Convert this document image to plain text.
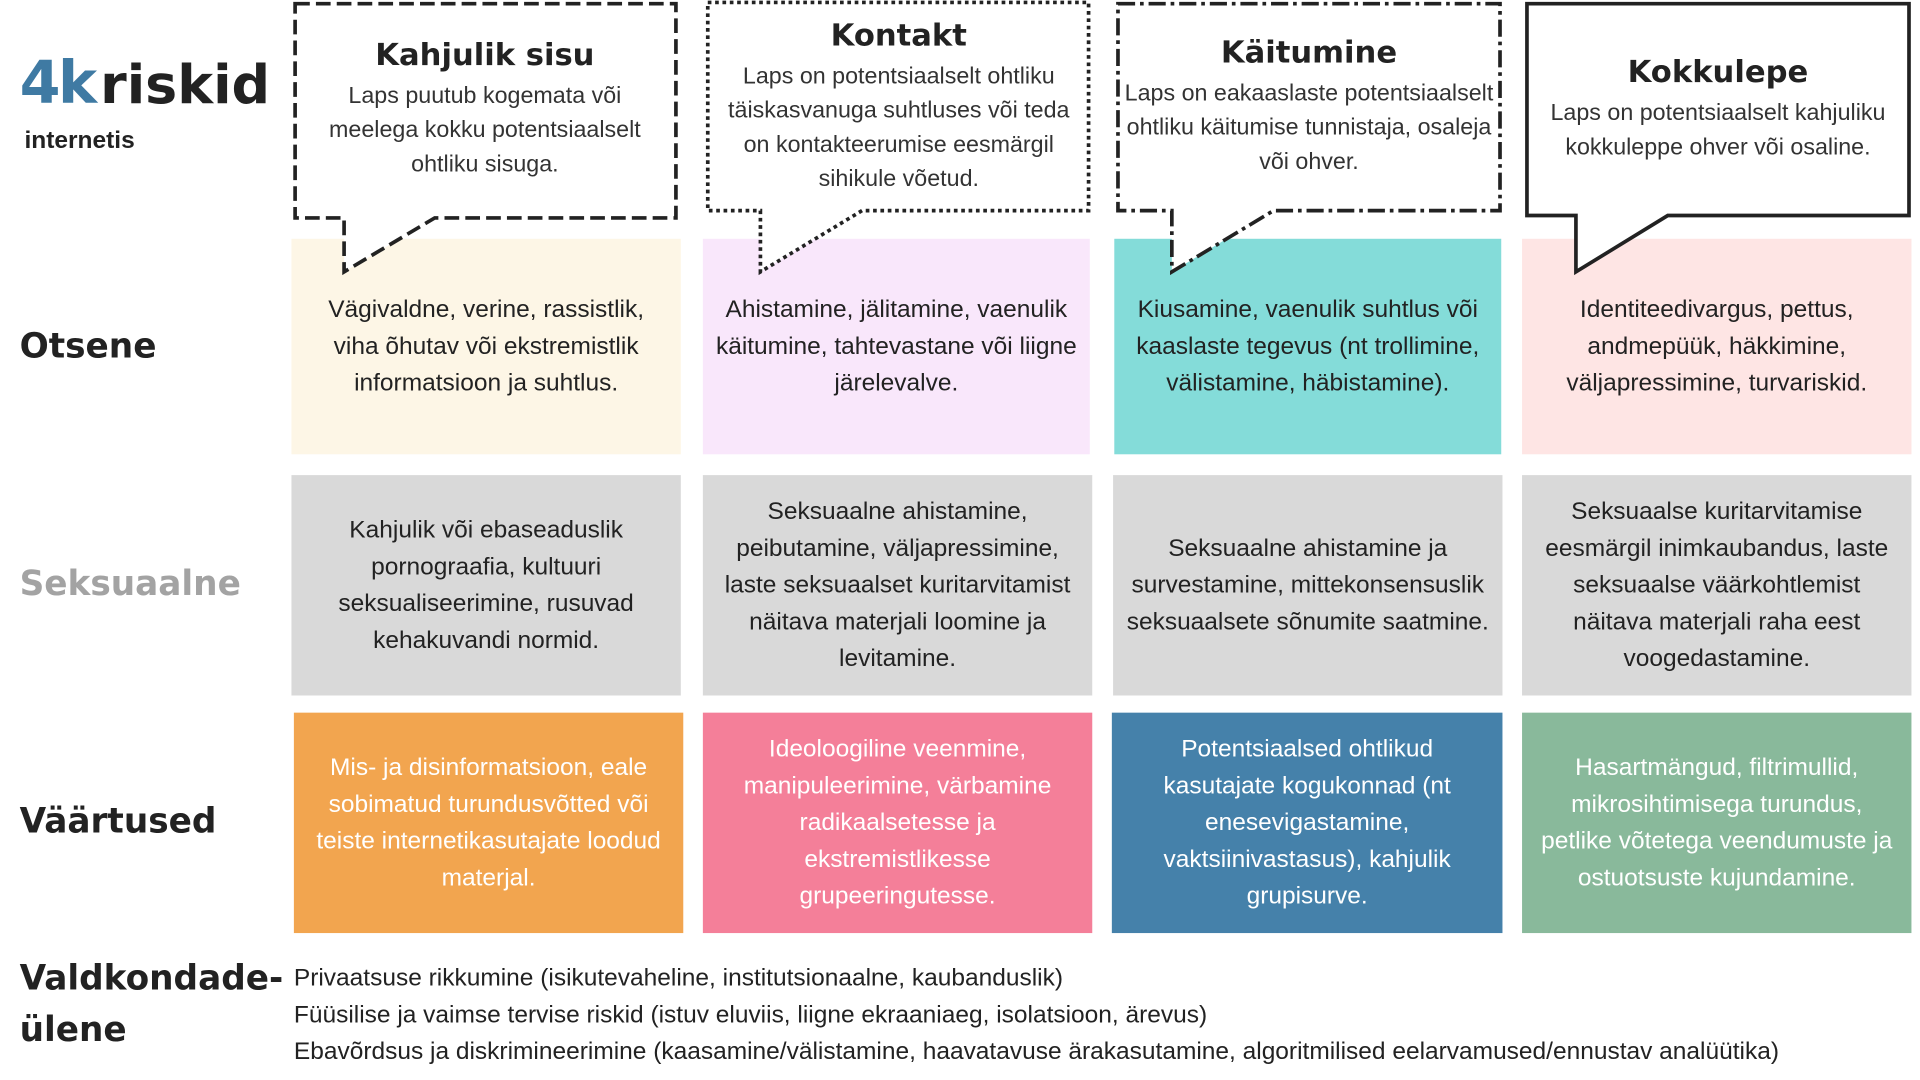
4k riskid
internetis
Otsene
Seksuaalne
Väärtused
Valdkondade-
ülene
Vägivaldne, verine, rassistlik, viha õhutav või ekstremistlik informatsioon ja suhtlus.
Ahistamine, jälitamine, vaenulik käitumine, tahtevastane või liigne järelevalve.
Kiusamine, vaenulik suhtlus või kaaslaste tegevus (nt trollimine, välistamine, häbistamine).
Identiteedivargus, pettus, andmepüük, häkkimine, väljapressimine, turvariskid.
Kahjulik või ebaseaduslik pornograafia, kultuuri seksualiseerimine, rusuvad kehakuvandi normid.
Seksuaalne ahistamine, peibutamine, väljapressimine, laste seksuaalset kuritarvitamist näitava materjali loomine ja levitamine.
Seksuaalne ahistamine ja survestamine, mittekonsensuslik seksuaalsete sõnumite saatmine.
Seksuaalse kuritarvitamise eesmärgil inimkaubandus, laste seksuaalse väärkohtlemist näitava materjali raha eest voogedastamine.
Mis- ja disinformatsioon, eale sobimatud turundusvõtted või teiste internetikasutajate loodud materjal.
Ideoloogiline veenmine, manipuleerimine, värbamine radikaalsetesse ja ekstremistlikesse grupeeringutesse.
Potentsiaalsed ohtlikud kasutajate kogukonnad (nt enesevigastamine, vaktsiinivastasus), kahjulik grupisurve.
Hasartmängud, filtrimullid, mikrosihtimisega turundus, petlike võtetega veendumuste ja ostuotsuste kujundamine.
Kahjulik sisu
Laps puutub kogemata või meelega kokku potentsiaalselt ohtliku sisuga.
Kontakt
Laps on potentsiaalselt ohtliku täiskasvanuga suhtluses või teda on kontakteerumise eesmärgil sihikule võetud.
Käitumine
Laps on eakaaslaste potentsiaalselt ohtliku käitumise tunnistaja, osaleja või ohver.
Kokkulepe
Laps on potentsiaalselt kahjuliku kokkuleppe ohver või osaline.
Privaatsuse rikkumine (isikutevaheline, institutsionaalne, kaubanduslik)
Füüsilise ja vaimse tervise riskid (istuv eluviis, liigne ekraaniaeg, isolatsioon, ärevus)
Ebavõrdsus ja diskrimineerimine (kaasamine/välistamine, haavatavuse ärakasutamine, algoritmilised eelarvamused/ennustav analüütika)
